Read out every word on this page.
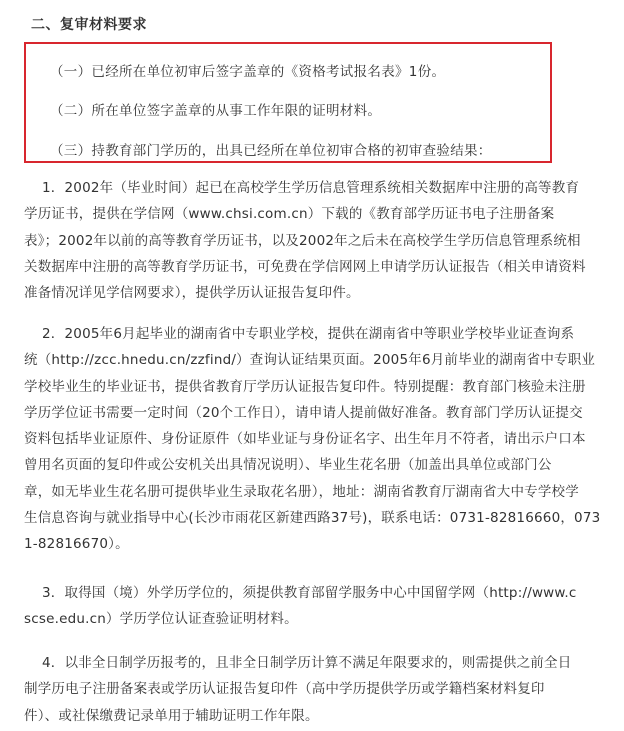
二、复审材料要求
（一）已经所在单位初审后签字盖章的《资格考试报名表》1份。
（二）所在单位签字盖章的从事工作年限的证明材料。
（三）持教育部门学历的，出具已经所在单位初审合格的初审查验结果：
1．2002年（毕业时间）起已在高校学生学历信息管理系统相关数据库中注册的高等教育
学历证书，提供在学信网（www.chsi.com.cn）下载的《教育部学历证书电子注册备案
表》；2002年以前的高等教育学历证书，以及2002年之后未在高校学生学历信息管理系统相
关数据库中注册的高等教育学历证书，可免费在学信网网上申请学历认证报告（相关申请资料
准备情况详见学信网要求），提供学历认证报告复印件。
2．2005年6月起毕业的湖南省中专职业学校，提供在湖南省中等职业学校毕业证查询系
统（http://zcc.hnedu.cn/zzfind/）查询认证结果页面。2005年6月前毕业的湖南省中专职业
学校毕业生的毕业证书，提供省教育厅学历认证报告复印件。特别提醒：教育部门核验未注册
学历学位证书需要一定时间（20个工作日），请申请人提前做好准备。教育部门学历认证提交
资料包括毕业证原件、身份证原件（如毕业证与身份证名字、出生年月不符者，请出示户口本
曾用名页面的复印件或公安机关出具情况说明）、毕业生花名册（加盖出具单位或部门公
章，如无毕业生花名册可提供毕业生录取花名册），地址：湖南省教育厅湖南省大中专学校学
生信息咨询与就业指导中心(长沙市雨花区新建西路37号)，联系电话：0731-82816660，073
1-82816670）。
3．取得国（境）外学历学位的，须提供教育部留学服务中心中国留学网（http://www.c
scse.edu.cn）学历学位认证查验证明材料。
4．以非全日制学历报考的，且非全日制学历计算不满足年限要求的，则需提供之前全日
制学历电子注册备案表或学历认证报告复印件（高中学历提供学历或学籍档案材料复印
件）、或社保缴费记录单用于辅助证明工作年限。
